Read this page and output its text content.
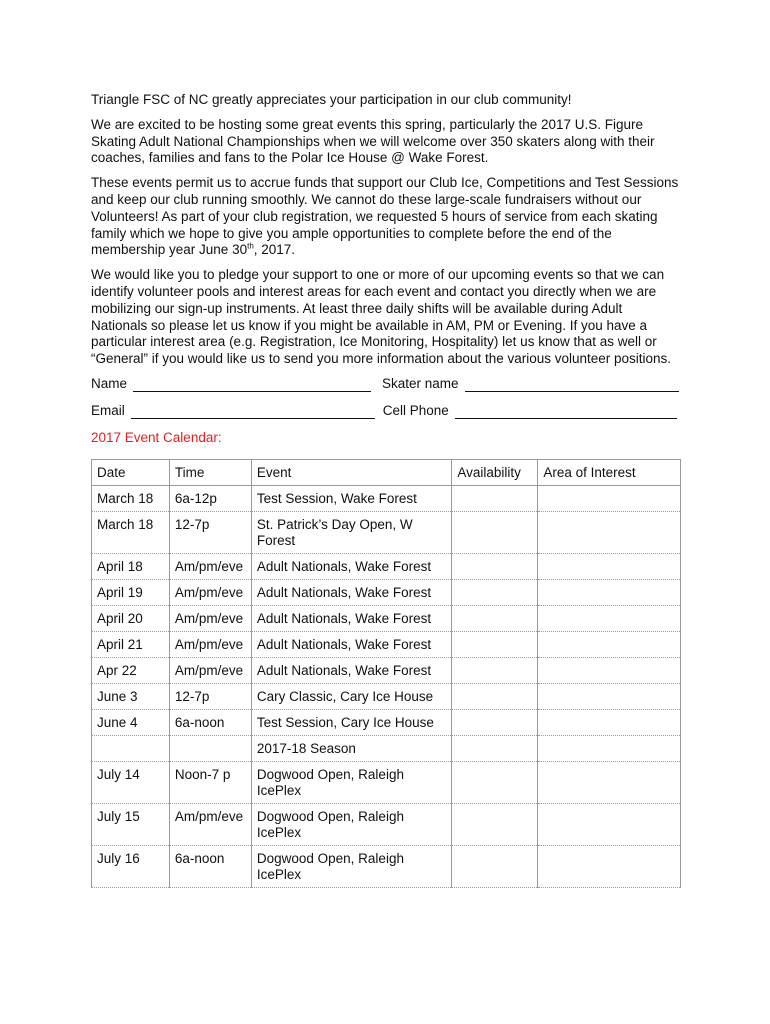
Triangle FSC of NC greatly appreciates your participation in our club community!

We are excited to be hosting some great events this spring, particularly the 2017 U.S. Figure Skating Adult National Championships when we will welcome over 350 skaters along with their coaches, families and fans to the Polar Ice House @ Wake Forest.

These events permit us to accrue funds that support our Club Ice, Competitions and Test Sessions and keep our club running smoothly. We cannot do these large-scale fundraisers without our Volunteers! As part of your club registration, we requested 5 hours of service from each skating family which we hope to give you ample opportunities to complete before the end of the membership year June 30th, 2017.

We would like you to pledge your support to one or more of our upcoming events so that we can identify volunteer pools and interest areas for each event and contact you directly when we are mobilizing our sign-up instruments. At least three daily shifts will be available during Adult Nationals so please let us know if you might be available in AM, PM or Evening. If you have a particular interest area (e.g. Registration, Ice Monitoring, Hospitality) let us know that as well or “General” if you would like us to send you more information about the various volunteer positions.

Name	Skater name
Email	Cell Phone
2017 Event Calendar:
Date	Time	Event	Availability	Area of Interest
March 18	6a-12p	Test Session, Wake Forest		
March 18	12-7p	St. Patrick’s Day Open, W Forest		
April 18	Am/pm/eve	Adult Nationals, Wake Forest		
April 19	Am/pm/eve	Adult Nationals, Wake Forest		
April 20	Am/pm/eve	Adult Nationals, Wake Forest		
April 21	Am/pm/eve	Adult Nationals, Wake Forest		
Apr 22	Am/pm/eve	Adult Nationals, Wake Forest		
June 3	12-7p	Cary Classic, Cary Ice House		
June 4	6a-noon	Test Session, Cary Ice House		
		2017-18 Season		
July 14	Noon-7 p	Dogwood Open, Raleigh IcePlex		
July 15	Am/pm/eve	Dogwood Open, Raleigh IcePlex		
July 16	6a-noon	Dogwood Open, Raleigh IcePlex		
